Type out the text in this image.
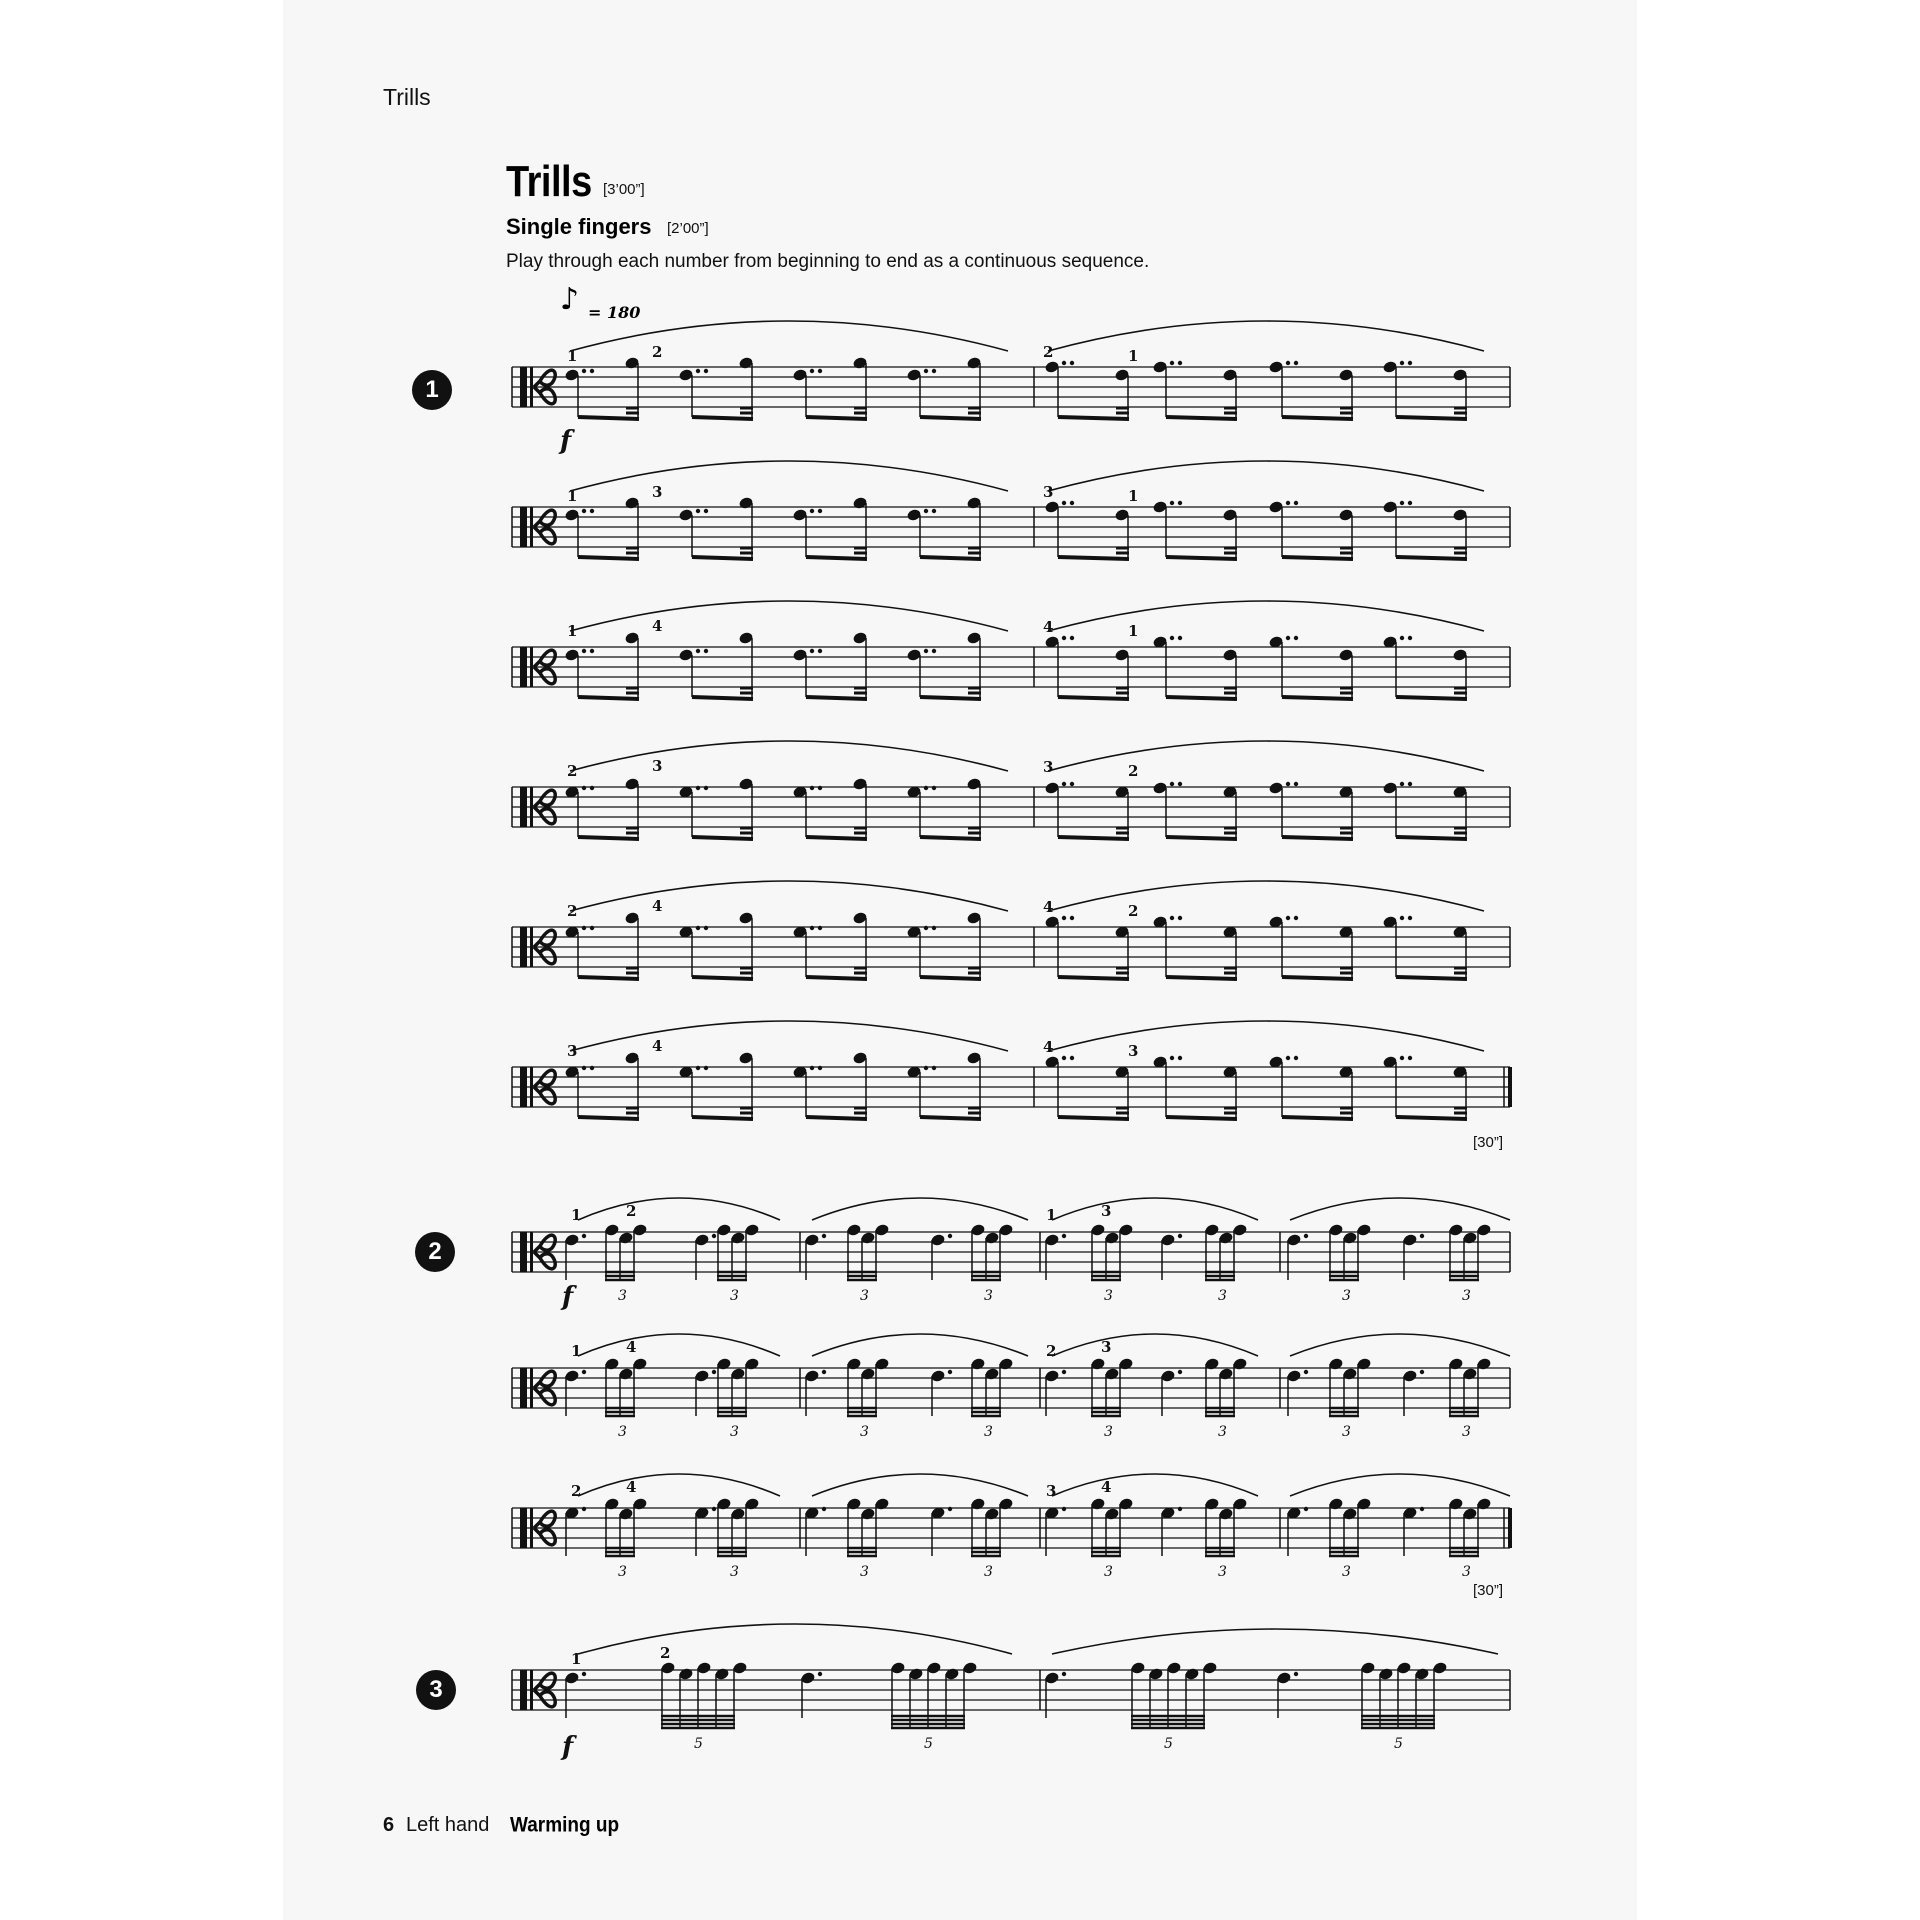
Trills
Trills [3’00”]
Single fingers [2’00”]
Play through each number from beginning to end as a continuous sequence.
♪ = 180
1
2
3
[30”]
[30”]
6 Left hand Warming up
1	2	2	1
f
1	3	3	1
1	4	4	1
2	3	3	2
2	4	4	2
3	4	4	3
3	3	3	3	3	3	3	3
1	2	1	3
f
3	3	3	3	3	3	3	3
1	4	2	3
3	3	3	3	3	3	3	3
2	4	3	4
5	5	5	5
1	2
f
